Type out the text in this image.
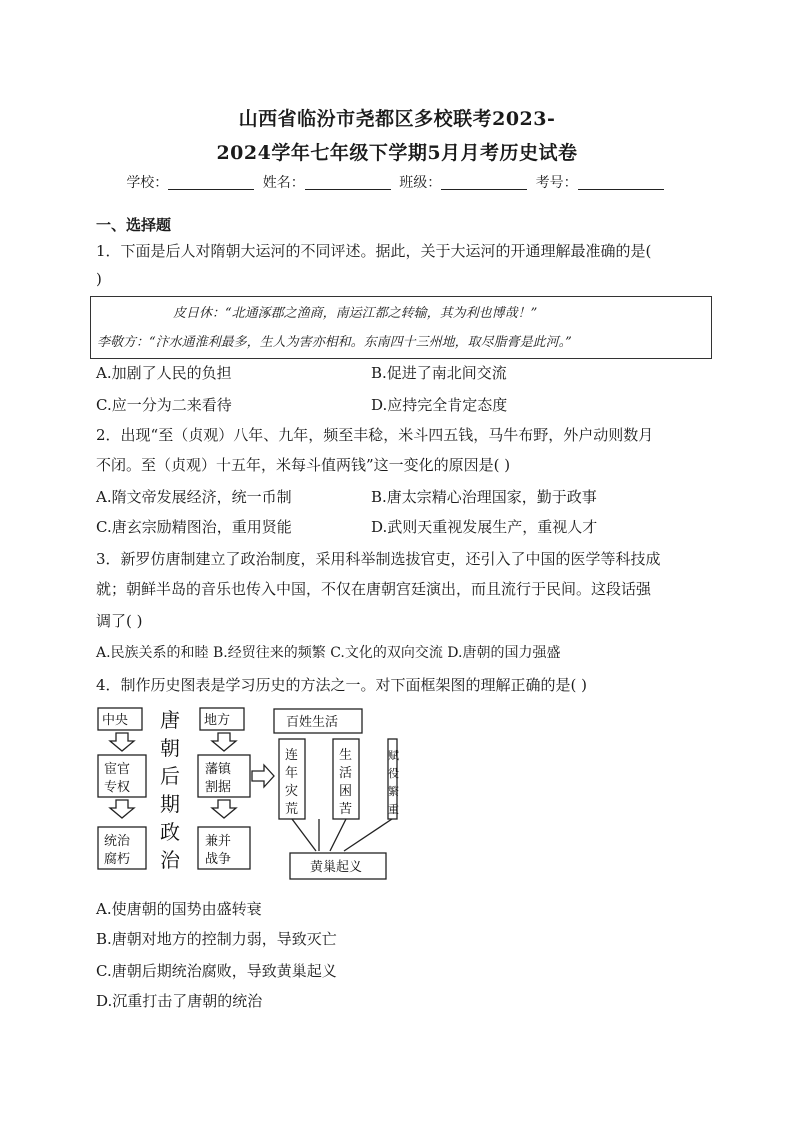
山西省临汾市尧都区多校联考2023-
2024学年七年级下学期5月月考历史试卷
学校：	姓名：	班级：	考号：
一、选择题
1．下面是后人对隋朝大运河的不同评述。据此，关于大运河的开通理解最准确的是(
)
皮日休：“北通涿郡之渔商，南运江都之转输，其为利也博哉！”
李敬方：“汴水通淮利最多，生人为害亦相和。东南四十三州地，取尽脂膏是此河。”
A.加剧了人民的负担	B.促进了南北间交流
C.应一分为二来看待	D.应持完全肯定态度
2．出现“至（贞观）八年、九年，频至丰稔，米斗四五钱，马牛布野，外户动则数月
不闭。至（贞观）十五年，米每斗值两钱”这一变化的原因是( )
A.隋文帝发展经济，统一币制	B.唐太宗精心治理国家，勤于政事
C.唐玄宗励精图治，重用贤能	D.武则天重视发展生产，重视人才
3．新罗仿唐制建立了政治制度，采用科举制选拔官吏，还引入了中国的医学等科技成
就；朝鲜半岛的音乐也传入中国，不仅在唐朝宫廷演出，而且流行于民间。这段话强
调了( )
A.民族关系的和睦 B.经贸往来的频繁 C.文化的双向交流 D.唐朝的国力强盛
4．制作历史图表是学习历史的方法之一。对下面框架图的理解正确的是( )
中央
宦官
专权
统治
腐朽
唐
朝
后
期
政
治
地方
藩镇
割据
兼并
战争
百姓生活
连
年
灾
荒
生
活
困
苦
赋
役
繁
重
黄巢起义
A.使唐朝的国势由盛转衰
B.唐朝对地方的控制力弱，导致灭亡
C.唐朝后期统治腐败，导致黄巢起义
D.沉重打击了唐朝的统治
